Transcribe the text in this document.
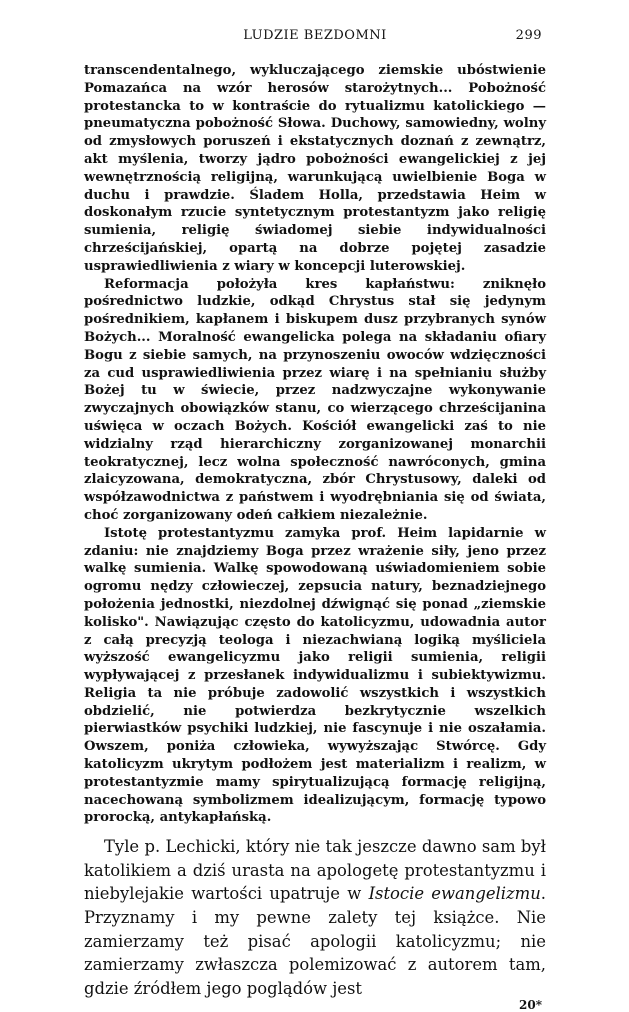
LUDZIE BEZDOMNI	299

transcendentalnego, wykluczającego ziemskie ubóstwienie Pomazańca na wzór herosów starożytnych... Pobożność protestancka to w kontraście do rytualizmu katolickiego — pneumatyczna pobożność Słowa. Duchowy, samowiedny, wolny od zmysłowych poruszeń i ekstatycznych doznań z zewnątrz, akt myślenia, tworzy jądro pobożności ewangelickiej z jej wewnętrznością religijną, warunkującą uwielbienie Boga w duchu i prawdzie. Śladem Holla, przedstawia Heim w doskonałym rzucie syntetycznym protestantyzm jako religię sumienia, religię świadomej siebie indywidualności chrześcijańskiej, opartą na dobrze pojętej zasadzie usprawiedliwienia z wiary w koncepcji luterowskiej.

Reformacja położyła kres kapłaństwu: zniknęło pośrednictwo ludzkie, odkąd Chrystus stał się jedynym pośrednikiem, kapłanem i biskupem dusz przybranych synów Bożych... Moralność ewangelicka polega na składaniu ofiary Bogu z siebie samych, na przynoszeniu owoców wdzięczności za cud usprawiedliwienia przez wiarę i na spełnianiu służby Bożej tu w świecie, przez nadzwyczajne wykonywanie zwyczajnych obowiązków stanu, co wierzącego chrześcijanina uświęca w oczach Bożych. Kościół ewangelicki zaś to nie widzialny rząd hierarchiczny zorganizowanej monarchii teokratycznej, lecz wolna społeczność nawróconych, gmina zlaicyzowana, demokratyczna, zbór Chrystusowy, daleki od współzawodnictwa z państwem i wyodrębniania się od świata, choć zorganizowany odeń całkiem niezależnie.

Istotę protestantyzmu zamyka prof. Heim lapidarnie w zdaniu: nie znajdziemy Boga przez wrażenie siły, jeno przez walkę sumienia. Walkę spowodowaną uświadomieniem sobie ogromu nędzy człowieczej, zepsucia natury, beznadziejnego położenia jednostki, niezdolnej dźwignąć się ponad „ziemskie kolisko". Nawiązując często do katolicyzmu, udowadnia autor z całą precyzją teologa i niezachwianą logiką myśliciela wyższość ewangelicyzmu jako religii sumienia, religii wypływającej z przesłanek indywidualizmu i subiektywizmu. Religia ta nie próbuje zadowolić wszystkich i wszystkich obdzielić, nie potwierdza bezkrytycznie wszelkich pierwiastków psychiki ludzkiej, nie fascynuje i nie oszałamia. Owszem, poniża człowieka, wywyższając Stwórcę. Gdy katolicyzm ukrytym podłożem jest materializm i realizm, w protestantyzmie mamy spirytualizującą formację religijną, nacechowaną symbolizmem idealizującym, formację typowo prorocką, antykapłańską.

Tyle p. Lechicki, który nie tak jeszcze dawno sam był katolikiem a dziś urasta na apologetę protestantyzmu i niebylejakie wartości upatruje w Istocie ewangelizmu. Przyznamy i my pewne zalety tej książce. Nie zamierzamy też pisać apologii katolicyzmu; nie zamierzamy zwłaszcza polemizować z autorem tam, gdzie źródłem jego poglądów jest

20*
